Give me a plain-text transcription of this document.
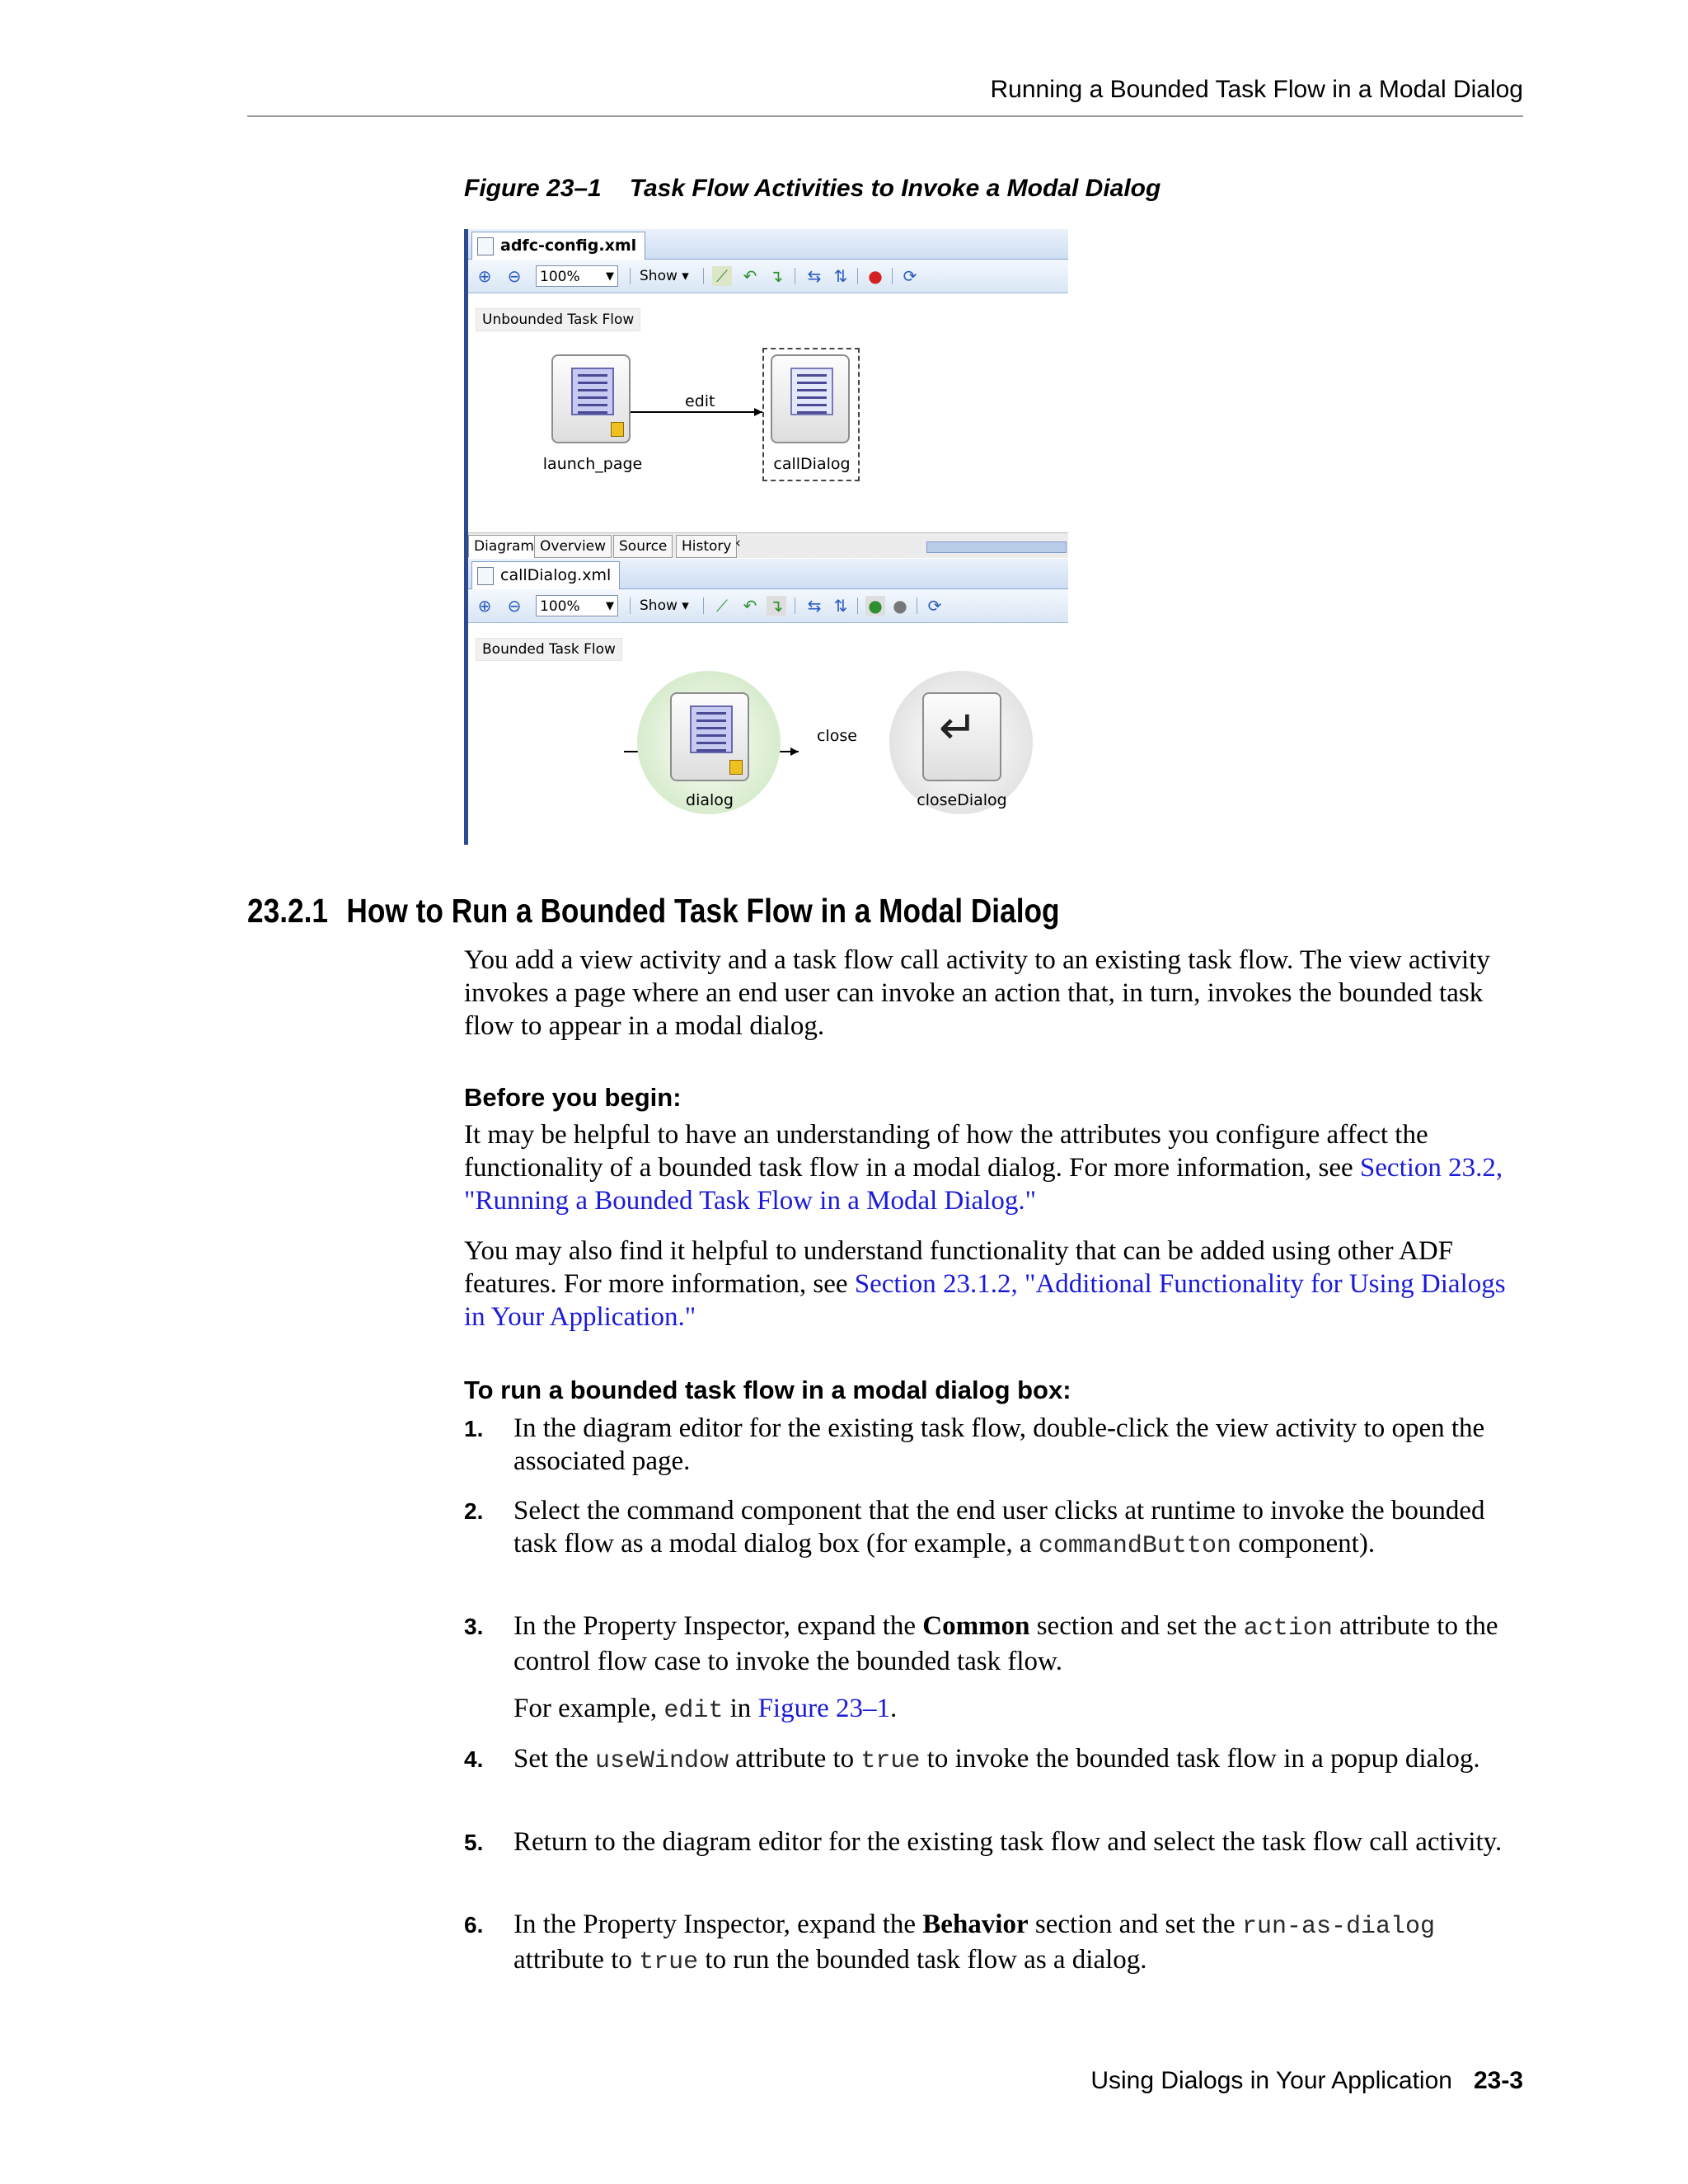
Running a Bounded Task Flow in a Modal Dialog
Figure 23–1 Task Flow Activities to Invoke a Modal Dialog
adfc-config.xml
⊕ ⊖ 100% ▼ Show ▾ ⟋ ↶ ↴ ⇆ ⇅ ● ⟳
Unbounded Task Flow
launch_page
edit
callDialog
Diagram Overview Source	History ‹
callDialog.xml
⊕ ⊖ 100% ▼ Show ▾ ⟋ ↶ ↴ ⇆ ⇅ ● ● ⟳
Bounded Task Flow
dialog
close ↵
closeDialog
23.2.1 How to Run a Bounded Task Flow in a Modal Dialog
You add a view activity and a task flow call activity to an existing task flow. The view activity invokes a page where an end user can invoke an action that, in turn, invokes the bounded task flow to appear in a modal dialog.
Before you begin:
It may be helpful to have an understanding of how the attributes you configure affect the functionality of a bounded task flow in a modal dialog. For more information, see Section 23.2, "Running a Bounded Task Flow in a Modal Dialog."
You may also find it helpful to understand functionality that can be added using other ADF features. For more information, see Section 23.1.2, "Additional Functionality for Using Dialogs in Your Application."
To run a bounded task flow in a modal dialog box:
1. In the diagram editor for the existing task flow, double-click the view activity to open the associated page.
2. Select the command component that the end user clicks at runtime to invoke the bounded task flow as a modal dialog box (for example, a commandButton component).
3. In the Property Inspector, expand the Common section and set the action attribute to the control flow case to invoke the bounded task flow.
For example, edit in Figure 23–1.
4. Set the useWindow attribute to true to invoke the bounded task flow in a popup dialog.
5. Return to the diagram editor for the existing task flow and select the task flow call activity.
6. In the Property Inspector, expand the Behavior section and set the run-as-dialog attribute to true to run the bounded task flow as a dialog.
Using Dialogs in Your Application 23-3
